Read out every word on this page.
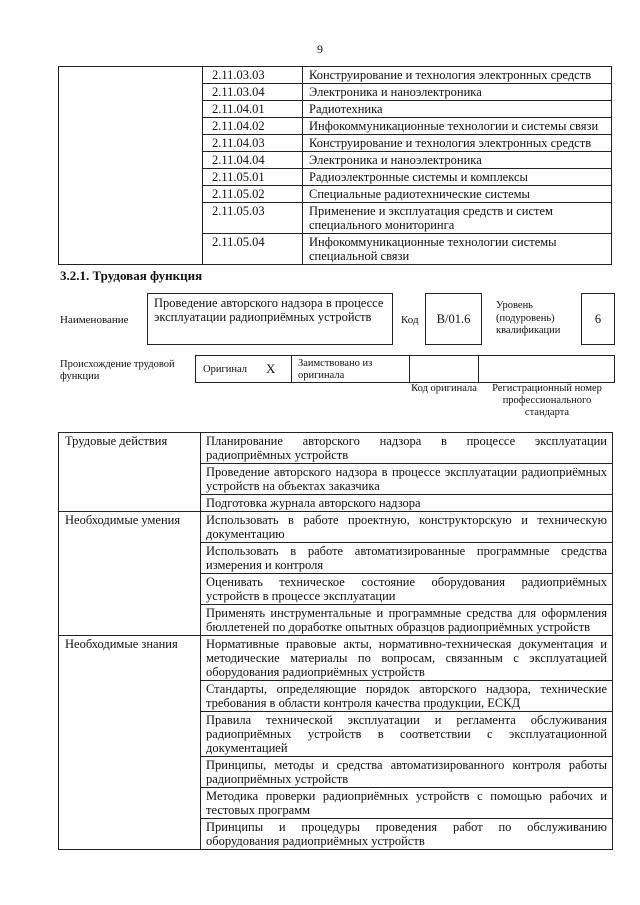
9
	2.11.03.03	Конструирование и технология электронных средств
	2.11.03.04	Электроника и наноэлектроника
	2.11.04.01	Радиотехника
	2.11.04.02	Инфокоммуникационные технологии и системы связи
	2.11.04.03	Конструирование и технология электронных средств
	2.11.04.04	Электроника и наноэлектроника
	2.11.05.01	Радиоэлектронные системы и комплексы
	2.11.05.02	Специальные радиотехнические системы
	2.11.05.03	Применение и эксплуатация средств и систем специального мониторинга
	2.11.05.04	Инфокоммуникационные технологии системы специальной связи
3.2.1. Трудовая функция
Наименование
Проведение авторского надзора в процессе эксплуатации радиоприёмных устройств	Код	B/01.6
Уровень (подуровень) квалификации
6
Происхождение трудовой функции
Оригинал X Заимствовано из оригинала
Код оригинала	Регистрационный номер профессионального стандарта
Трудовые действия	Планирование авторского надзора в процессе эксплуатации радиоприёмных устройств
	Проведение авторского надзора в процессе эксплуатации радиоприёмных устройств на объектах заказчика
	Подготовка журнала авторского надзора
Необходимые умения	Использовать в работе проектную, конструкторскую и техническую документацию
	Использовать в работе автоматизированные программные средства измерения и контроля
	Оценивать техническое состояние оборудования радиоприёмных устройств в процессе эксплуатации
	Применять инструментальные и программные средства для оформления бюллетеней по доработке опытных образцов радиоприёмных устройств
Необходимые знания	Нормативные правовые акты, нормативно-техническая документация и методические материалы по вопросам, связанным с эксплуатацией оборудования радиоприёмных устройств
	Стандарты, определяющие порядок авторского надзора, технические требования в области контроля качества продукции, ЕСКД
	Правила технической эксплуатации и регламента обслуживания радиоприёмных устройств в соответствии с эксплуатационной документацией
	Принципы, методы и средства автоматизированного контроля работы радиоприёмных устройств
	Методика проверки радиоприёмных устройств с помощью рабочих и тестовых программ
	Принципы и процедуры проведения работ по обслуживанию оборудования радиоприёмных устройств
